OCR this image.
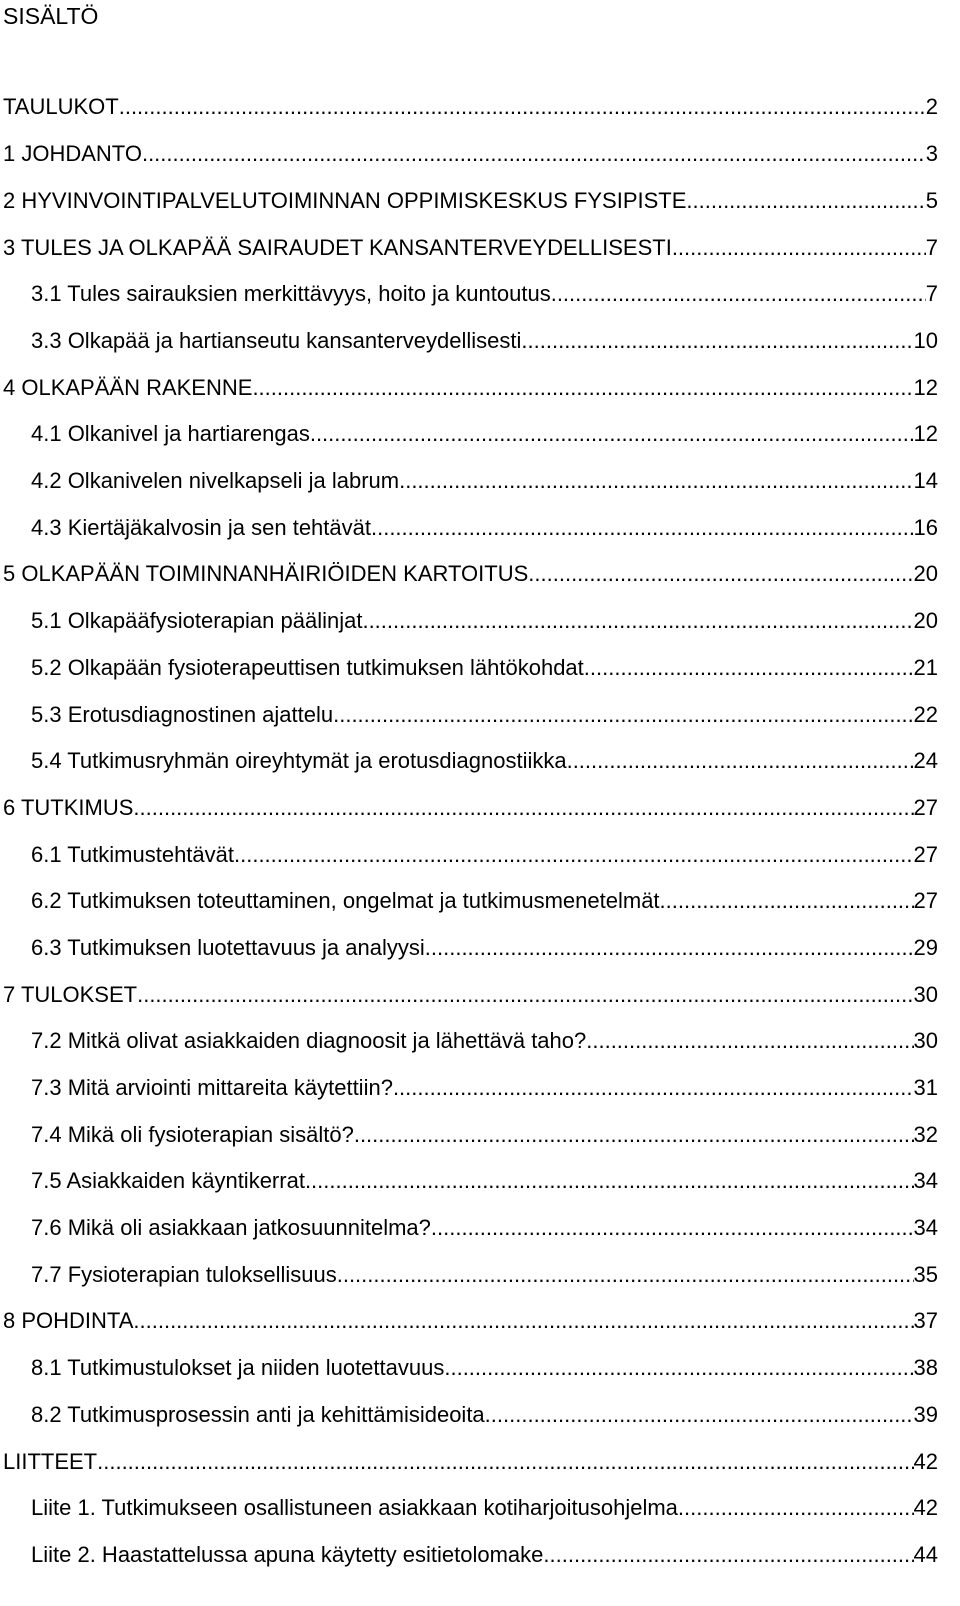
SISÄLTÖ
TAULUKOT .....	2
1 JOHDANTO .....	3
2 HYVINVOINTIPALVELUTOIMINNAN OPPIMISKESKUS FYSIPISTE .....	5
3 TULES JA OLKAPÄÄ SAIRAUDET KANSANTERVEYDELLISESTI .....	7
3.1 Tules sairauksien merkittävyys, hoito ja kuntoutus .....	7
3.3 Olkapää ja hartianseutu kansanterveydellisesti .....	10
4 OLKAPÄÄN RAKENNE .....	12
4.1 Olkanivel ja hartiarengas .....	12
4.2 Olkanivelen nivelkapseli ja labrum .....	14
4.3 Kiertäjäkalvosin ja sen tehtävät .....	16
5 OLKAPÄÄN TOIMINNANHÄIRIÖIDEN KARTOITUS .....	20
5.1 Olkapääfysioterapian päälinjat .....	20
5.2 Olkapään fysioterapeuttisen tutkimuksen lähtökohdat .....	21
5.3 Erotusdiagnostinen ajattelu .....	22
5.4 Tutkimusryhmän oireyhtymät ja erotusdiagnostiikka .....	24
6 TUTKIMUS .....	27
6.1 Tutkimustehtävät .....	27
6.2 Tutkimuksen toteuttaminen, ongelmat ja tutkimusmenetelmät .....	27
6.3 Tutkimuksen luotettavuus ja analyysi .....	29
7 TULOKSET .....	30
7.2 Mitkä olivat asiakkaiden diagnoosit ja lähettävä taho? .....	30
7.3 Mitä arviointi mittareita käytettiin? .....	31
7.4 Mikä oli fysioterapian sisältö? .....	32
7.5 Asiakkaiden käyntikerrat .....	34
7.6 Mikä oli asiakkaan jatkosuunnitelma? .....	34
7.7 Fysioterapian tuloksellisuus .....	35
8 POHDINTA .....	37
8.1 Tutkimustulokset ja niiden luotettavuus .....	38
8.2 Tutkimusprosessin anti ja kehittämisideoita .....	39
LIITTEET .....	42
Liite 1. Tutkimukseen osallistuneen asiakkaan kotiharjoitusohjelma .....	42
Liite 2. Haastattelussa apuna käytetty esitietolomake .....	44
